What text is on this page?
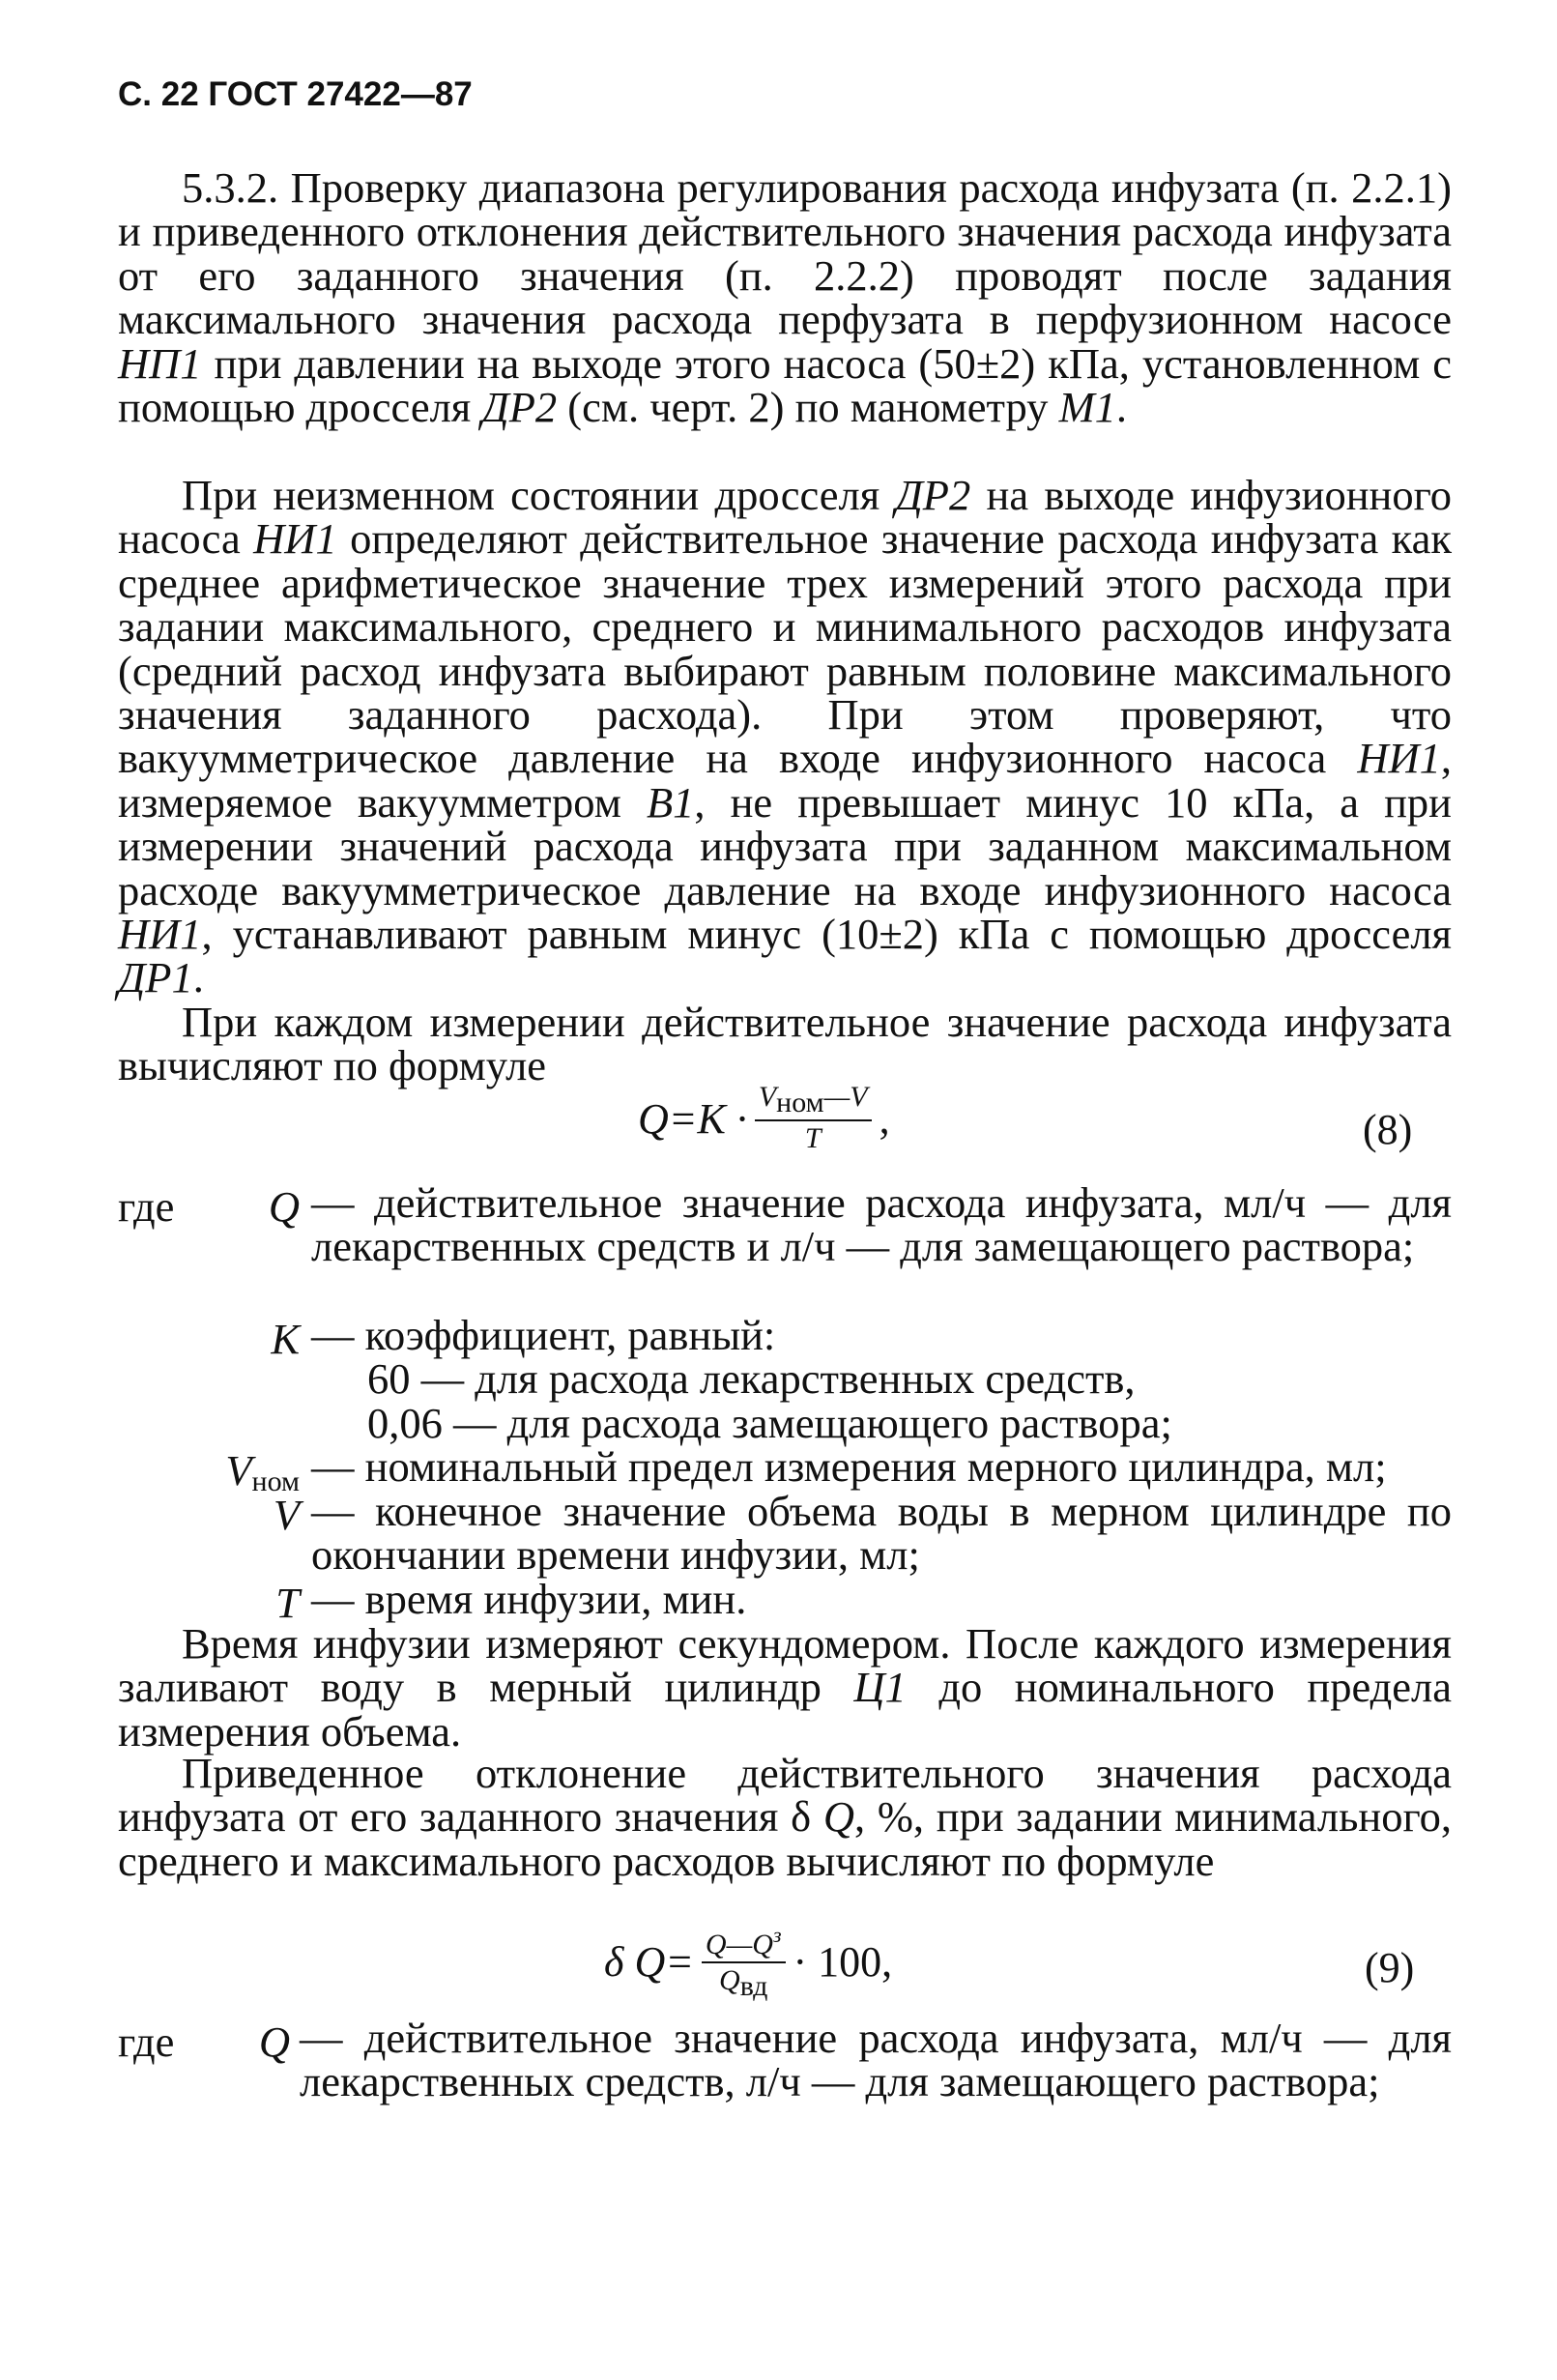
С. 22 ГОСТ 27422—87

5.3.2. Проверку диапазона регулирования расхода инфузата (п. 2.2.1) и приведенного отклонения действительного значения расхода инфузата от его заданного значения (п. 2.2.2) проводят после задания максимального значения расхода перфузата в перфузионном насосе НП1 при давлении на выходе этого насоса (50±2) кПа, установленном с помощью дросселя ДР2 (см. черт. 2) по манометру М1.

При неизменном состоянии дросселя ДР2 на выходе инфузионного насоса НИ1 определяют действительное значение расхода инфузата как среднее арифметическое значение трех измерений этого расхода при задании максимального, среднего и минимального расходов инфузата (средний расход инфузата выбирают равным половине максимального значения заданного расхода). При этом проверяют, что вакуумметрическое давление на входе инфузионного насоса НИ1, измеряемое вакуумметром В1, не превышает минус 10 кПа, а при измерении значений расхода инфузата при заданном максимальном расходе вакуумметрическое давление на входе инфузионного насоса НИ1, устанавливают равным минус (10±2) кПа с помощью дросселя ДР1.

При каждом измерении действительное значение расхода инфузата вычисляют по формуле

$Q=K \cdot \frac{\text{Vном—V}}{T}$ ,	(8)
где	Q — действительное значение расхода инфузата, мл/ч — для лекарственных средств и л/ч — для замещающего раствора;
K — коэффициент, равный:
60 — для расхода лекарственных средств,
0,06 — для расхода замещающего раствора;
$V_{ном}$ — номинальный предел измерения мерного цилиндра, мл;
V — конечное значение объема воды в мерном цилиндре по окончании времени инфузии, мл;
T — время инфузии, мин.

Время инфузии измеряют секундомером. После каждого измерения заливают воду в мерный цилиндр Ц1 до номинального предела измерения объема.

Приведенное отклонение действительного значения расхода инфузата от его заданного значения δ Q, %, при задании минимального, среднего и максимального расходов вычисляют по формуле

δ $Q= \frac{Q—Q^з}{\text{Qвд}} \cdot 100$,	(9)
где	Q — действительное значение расхода инфузата, мл/ч — для лекарственных средств, л/ч — для замещающего раствора;
